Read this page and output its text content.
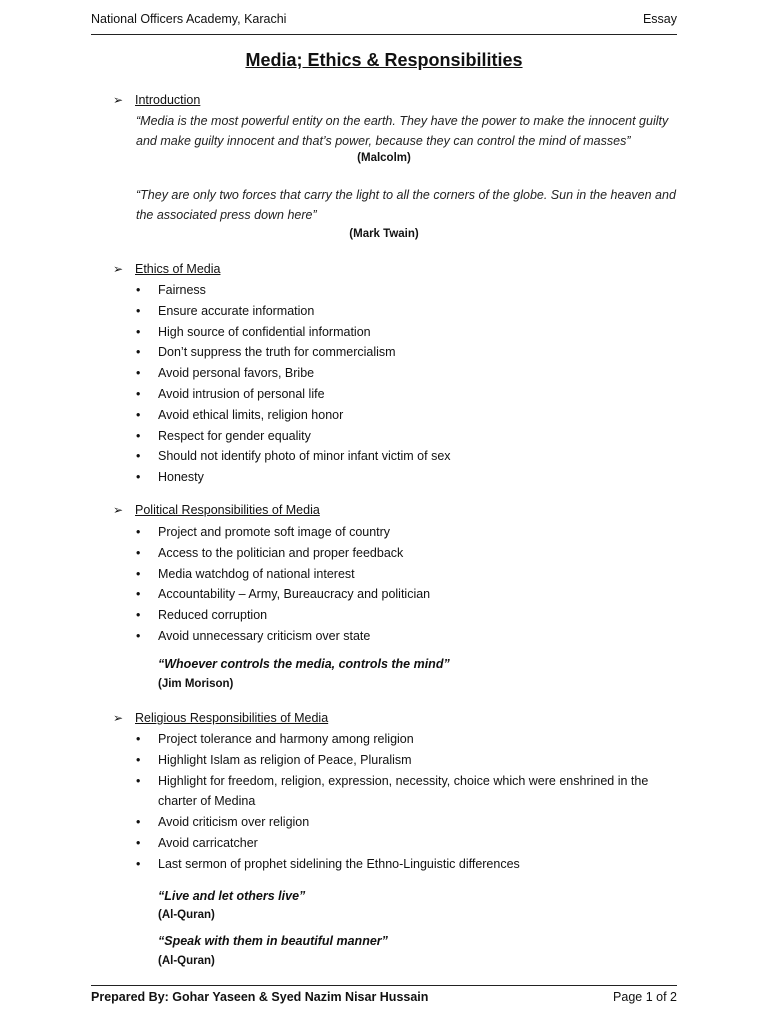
National Officers Academy, Karachi	Essay
Media; Ethics & Responsibilities
➢ Introduction
“Media is the most powerful entity on the earth. They have the power to make the innocent guilty and make guilty innocent and that’s power, because they can control the mind of masses”
(Malcolm)
“They are only two forces that carry the light to all the corners of the globe. Sun in the heaven and the associated press down here”
(Mark Twain)
➢ Ethics of Media
• Fairness
• Ensure accurate information
• High source of confidential information
• Don’t suppress the truth for commercialism
• Avoid personal favors, Bribe
• Avoid intrusion of personal life
• Avoid ethical limits, religion honor
• Respect for gender equality
• Should not identify photo of minor infant victim of sex
• Honesty
➢ Political Responsibilities of Media
• Project and promote soft image of country
• Access to the politician and proper feedback
• Media watchdog of national interest
• Accountability – Army, Bureaucracy and politician
• Reduced corruption
• Avoid unnecessary criticism over state
“Whoever controls the media, controls the mind”
(Jim Morison)
➢ Religious Responsibilities of Media
• Project tolerance and harmony among religion
• Highlight Islam as religion of Peace, Pluralism
• Highlight for freedom, religion, expression, necessity, choice which were enshrined in the charter of Medina
• Avoid criticism over religion
• Avoid carricatcher
• Last sermon of prophet sidelining the Ethno-Linguistic differences
“Live and let others live”
(Al-Quran)
“Speak with them in beautiful manner”
(Al-Quran)
Prepared By: Gohar Yaseen & Syed Nazim Nisar Hussain	Page 1 of 2
